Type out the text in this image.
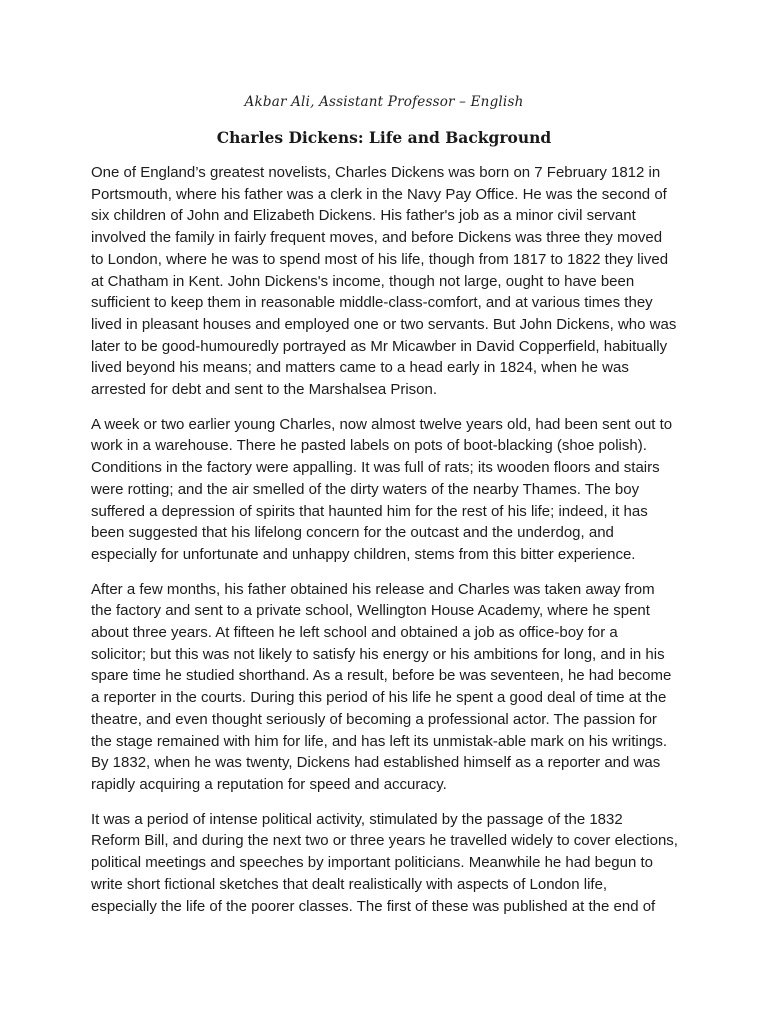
Akbar Ali, Assistant Professor – English
Charles Dickens: Life and Background

One of England’s greatest novelists, Charles Dickens was born on 7 February 1812 in
Portsmouth, where his father was a clerk in the Navy Pay Office. He was the second of
six children of John and Elizabeth Dickens. His father's job as a minor civil servant
involved the family in fairly frequent moves, and before Dickens was three they moved
to London, where he was to spend most of his life, though from 1817 to 1822 they lived
at Chatham in Kent. John Dickens's income, though not large, ought to have been
sufficient to keep them in reasonable middle-class-comfort, and at various times they
lived in pleasant houses and employed one or two servants. But John Dickens, who was
later to be good-humouredly portrayed as Mr Micawber in David Copperfield, habitually
lived beyond his means; and matters came to a head early in 1824, when he was
arrested for debt and sent to the Marshalsea Prison.

A week or two earlier young Charles, now almost twelve years old, had been sent out to
work in a warehouse. There he pasted labels on pots of boot-blacking (shoe polish).
Conditions in the factory were appalling. It was full of rats; its wooden floors and stairs
were rotting; and the air smelled of the dirty waters of the nearby Thames. The boy
suffered a depression of spirits that haunted him for the rest of his life; indeed, it has
been suggested that his lifelong concern for the outcast and the underdog, and
especially for unfortunate and unhappy children, stems from this bitter experience.

After a few months, his father obtained his release and Charles was taken away from
the factory and sent to a private school, Wellington House Academy, where he spent
about three years. At fifteen he left school and obtained a job as office-boy for a
solicitor; but this was not likely to satisfy his energy or his ambitions for long, and in his
spare time he studied shorthand. As a result, before be was seventeen, he had become
a reporter in the courts. During this period of his life he spent a good deal of time at the
theatre, and even thought seriously of becoming a professional actor. The passion for
the stage remained with him for life, and has left its unmistak-able mark on his writings.
By 1832, when he was twenty, Dickens had established himself as a reporter and was
rapidly acquiring a reputation for speed and accuracy.

It was a period of intense political activity, stimulated by the passage of the 1832
Reform Bill, and during the next two or three years he travelled widely to cover elections,
political meetings and speeches by important politicians. Meanwhile he had begun to
write short fictional sketches that dealt realistically with aspects of London life,
especially the life of the poorer classes. The first of these was published at the end of
